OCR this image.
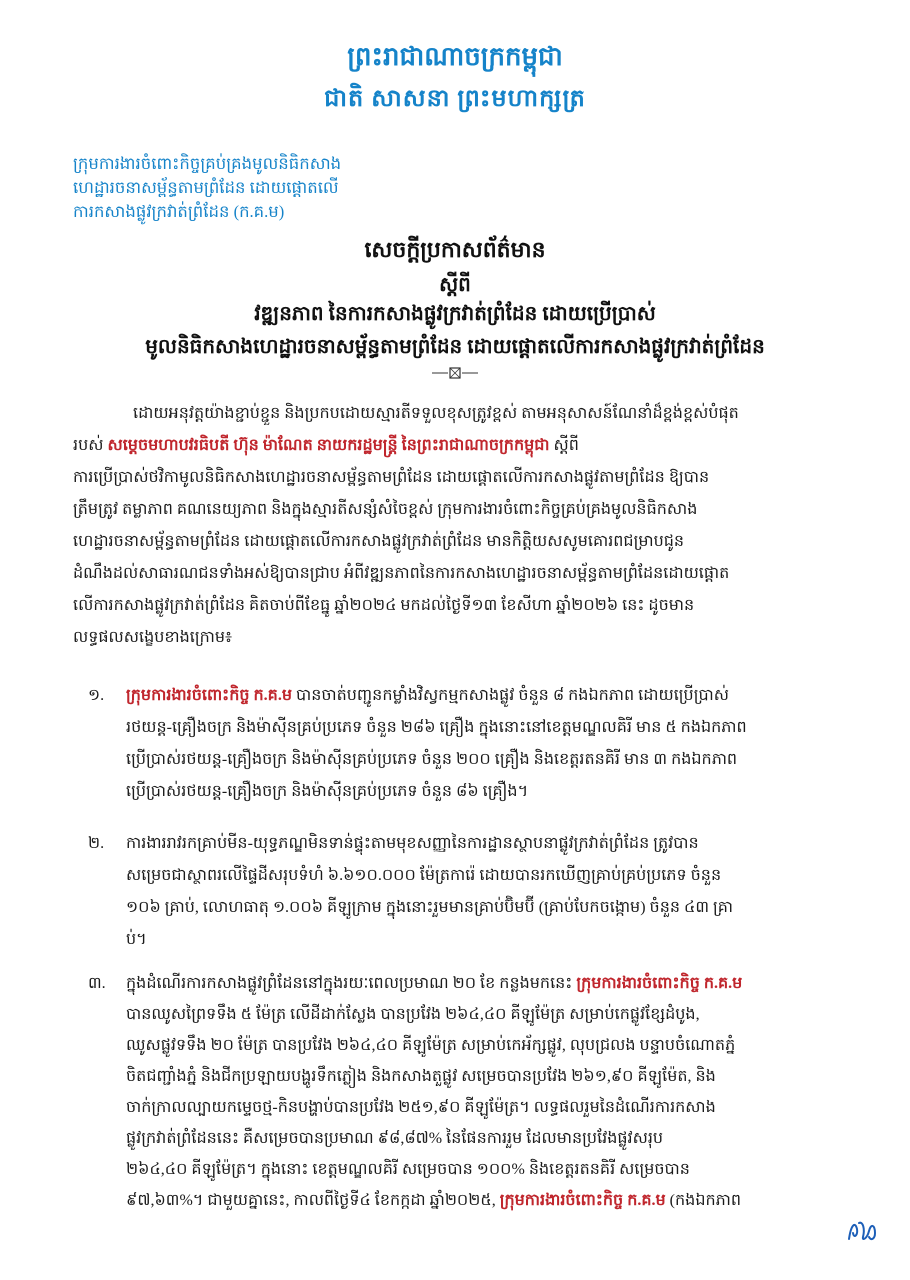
ព្រះរាជាណាចក្រកម្ពុជា
ជាតិ សាសនា ព្រះមហាក្សត្រ
ក្រុមការងារចំពោះកិច្ចគ្រប់គ្រងមូលនិធិកសាង
ហេដ្ឋារចនាសម្ព័ន្ធតាមព្រំដែន ដោយផ្តោតលើ
ការកសាងផ្លូវក្រវាត់ព្រំដែន (ក.គ.ម)
សេចក្តីប្រកាសព័ត៌មាន
ស្តីពី
វឌ្ឍនភាព នៃការកសាងផ្លូវក្រវាត់ព្រំដែន ដោយប្រើប្រាស់
មូលនិធិកសាងហេដ្ឋារចនាសម្ព័ន្ធតាមព្រំដែន ដោយផ្តោតលើការកសាងផ្លូវក្រវាត់ព្រំដែន
ដោយអនុវត្តយ៉ាងខ្ជាប់ខ្ជួន និងប្រកបដោយស្មារតីទទួលខុសត្រូវខ្ពស់ តាមអនុសាសន៍ណែនាំដ៏ខ្ពង់ខ្ពស់បំផុត
របស់ សម្តេចមហាបវរធិបតី ហ៊ុន ម៉ាណែត នាយករដ្ឋមន្ត្រី នៃព្រះរាជាណាចក្រកម្ពុជា ស្តីពី
ការប្រើប្រាស់ថវិកាមូលនិធិកសាងហេដ្ឋារចនាសម្ព័ន្ធតាមព្រំដែន ដោយផ្តោតលើការកសាងផ្លូវតាមព្រំដែន ឱ្យបាន
ត្រឹមត្រូវ តម្លាភាព គណនេយ្យភាព និងក្នុងស្មារតីសន្សំសំចៃខ្ពស់ ក្រុមការងារចំពោះកិច្ចគ្រប់គ្រងមូលនិធិកសាង
ហេដ្ឋារចនាសម្ព័ន្ធតាមព្រំដែន ដោយផ្តោតលើការកសាងផ្លូវក្រវាត់ព្រំដែន មានកិត្តិយសសូមគោរពជម្រាបជូន
ដំណឹងដល់សាធារណជនទាំងអស់ឱ្យបានជ្រាប អំពីវឌ្ឍនភាពនៃការកសាងហេដ្ឋារចនាសម្ព័ន្ធតាមព្រំដែនដោយផ្តោត
លើការកសាងផ្លូវក្រវាត់ព្រំដែន គិតចាប់ពីខែធ្នូ ឆ្នាំ២០២៤ មកដល់ថ្ងៃទី១៣ ខែសីហា ឆ្នាំ២០២៦ នេះ ដូចមាន
លទ្ធផលសង្ខេបខាងក្រោម៖
១.	ក្រុមការងារចំពោះកិច្ច ក.គ.ម បានចាត់បញ្ជូនកម្លាំងវិស្វកម្មកសាងផ្លូវ ចំនួន ៨ កងឯកភាព ដោយប្រើប្រាស់
រថយន្ត-គ្រឿងចក្រ និងម៉ាស៊ីនគ្រប់ប្រភេទ ចំនួន ២៨៦ គ្រឿង ក្នុងនោះនៅខេត្តមណ្ឌលគិរី មាន ៥ កងឯកភាព
ប្រើប្រាស់រថយន្ត-គ្រឿងចក្រ និងម៉ាស៊ីនគ្រប់ប្រភេទ ចំនួន ២០០ គ្រឿង និងខេត្តរតនគិរី មាន ៣ កងឯកភាព
ប្រើប្រាស់រថយន្ត-គ្រឿងចក្រ និងម៉ាស៊ីនគ្រប់ប្រភេទ ចំនួន ៨៦ គ្រឿង។
២.	ការងាររាវរកគ្រាប់មីន-យុទ្ធភណ្ឌមិនទាន់ផ្ទុះតាមមុខសញ្ញានៃការដ្ឋានស្ថាបនាផ្លូវក្រវាត់ព្រំដែន ត្រូវបាន
សម្រេចជាស្ថាពរលើផ្ទៃដីសរុបទំហំ ៦.៦១០.០០០ ម៉ែត្រការ៉េ ដោយបានរកឃើញគ្រាប់គ្រប់ប្រភេទ ចំនួន
១០៦ គ្រាប់, លោហធាតុ ១.០០៦ គីឡូក្រាម ក្នុងនោះរួមមានគ្រាប់ប៊ិមប៊ី (គ្រាប់បែកចង្កោម) ចំនួន ៤៣ គ្រា
ប់។
៣.	ក្នុងដំណើរការកសាងផ្លូវព្រំដែននៅក្នុងរយៈពេលប្រមាណ ២០ ខែ កន្លងមកនេះ ក្រុមការងារចំពោះកិច្ច ក.គ.ម
បានឈូសព្រៃទទឹង ៥ ម៉ែត្រ លើដីដាក់ស្លែង បានប្រវែង ២៦៤,៤០ គីឡូម៉ែត្រ សម្រាប់កេផ្លូវខ្សែដំបូង,
ឈូសផ្លូវទទឹង ២០ ម៉ែត្រ បានប្រវែង ២៦៤,៤០ គីឡូម៉ែត្រ សម្រាប់កេអ័ក្សផ្លូវ, លុបជ្រលង បន្ទាបចំណោតភ្នំ
ចិតជញ្ជាំងភ្នំ និងជីកប្រឡាយបង្ហូរទឹកភ្លៀង និងកសាងតួផ្លូវ សម្រេចបានប្រវែង ២៦១,៩០ គីឡូម៉ែត, និង
ចាក់ក្រាលល្បាយកម្ទេចថ្ម-កិនបង្ហាប់បានប្រវែង ២៥១,៩០ គីឡូម៉ែត្រ។ លទ្ធផលរួមនៃដំណើរការកសាង
ផ្លូវក្រវាត់ព្រំដែននេះ គឺសម្រេចបានប្រមាណ ៩៨,៨៧% នៃផែនការរួម ដែលមានប្រវែងផ្លូវសរុប
២៦៤,៤០ គីឡូម៉ែត្រ។ ក្នុងនោះ ខេត្តមណ្ឌលគិរី សម្រេចបាន ១០០% និងខេត្តរតនគិរី សម្រេចបាន
៩៧,៦៣%។ ជាមួយគ្នានេះ, កាលពីថ្ងៃទី៤ ខែកក្កដា ឆ្នាំ២០២៥, ក្រុមការងារចំពោះកិច្ច ក.គ.ម (កងឯកភាព
